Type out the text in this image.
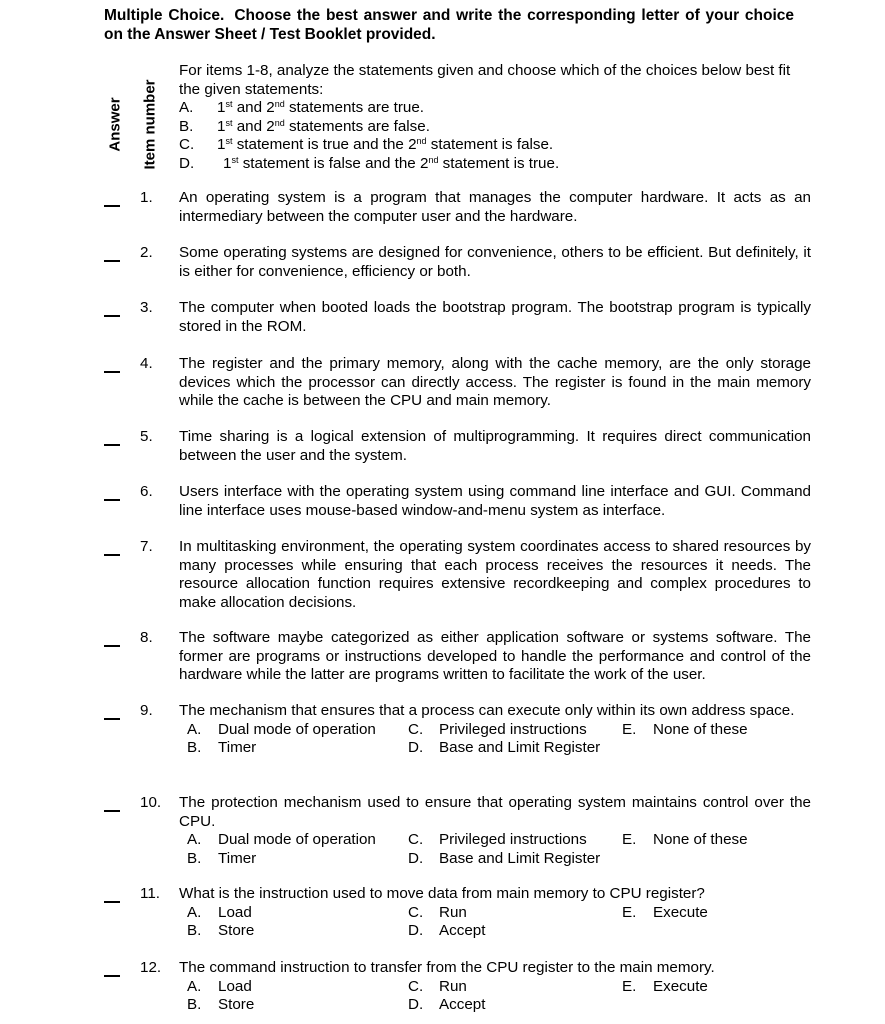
Multiple Choice. Choose the best answer and write the corresponding letter of your choice on the Answer Sheet / Test Booklet provided.
Answer Item number
For items 1-8, analyze the statements given and choose which of the choices below best fit the given statements:
A. 1st and 2nd statements are true.
B. 1st and 2nd statements are false.
C. 1st statement is true and the 2nd statement is false.
D. 1st statement is false and the 2nd statement is true.
1.	An operating system is a program that manages the computer hardware. It acts as an intermediary between the computer user and the hardware.
2.	Some operating systems are designed for convenience, others to be efficient. But definitely, it is either for convenience, efficiency or both.
3.	The computer when booted loads the bootstrap program. The bootstrap program is typically stored in the ROM.
4.	The register and the primary memory, along with the cache memory, are the only storage devices which the processor can directly access. The register is found in the main memory while the cache is between the CPU and main memory.
5.	Time sharing is a logical extension of multiprogramming. It requires direct communication between the user and the system.
6.	Users interface with the operating system using command line interface and GUI. Command line interface uses mouse-based window-and-menu system as interface.
7.	In multitasking environment, the operating system coordinates access to shared resources by many processes while ensuring that each process receives the resources it needs. The resource allocation function requires extensive recordkeeping and complex procedures to make allocation decisions.
8.	The software maybe categorized as either application software or systems software. The former are programs or instructions developed to handle the performance and control of the hardware while the latter are programs written to facilitate the work of the user.
9.	The mechanism that ensures that a process can execute only within its own address space.
A. Dual mode of operation	C. Privileged instructions	E. None of these
B. Timer	D. Base and Limit Register
10.	The protection mechanism used to ensure that operating system maintains control over the CPU.
A. Dual mode of operation	C. Privileged instructions	E. None of these
B. Timer	D. Base and Limit Register
11.	What is the instruction used to move data from main memory to CPU register?
A. Load	C. Run	E. Execute
B. Store	D. Accept
12.	The command instruction to transfer from the CPU register to the main memory.
A. Load	C. Run	E. Execute
B. Store	D. Accept
